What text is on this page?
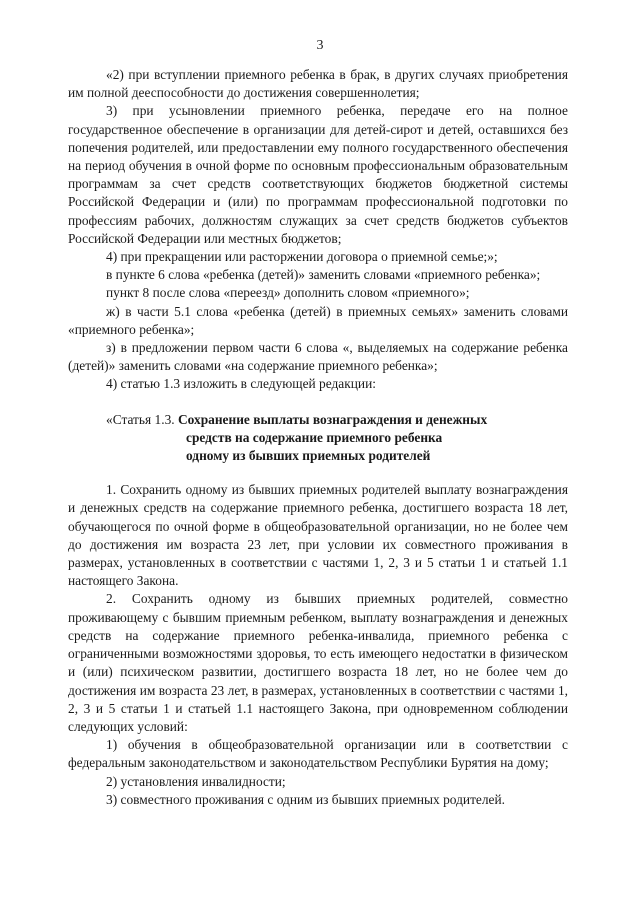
3

«2) при вступлении приемного ребенка в брак, в других случаях приобретения им полной дееспособности до достижения совершеннолетия;

3) при усыновлении приемного ребенка, передаче его на полное государственное обеспечение в организации для детей-сирот и детей, оставшихся без попечения родителей, или предоставлении ему полного государственного обеспечения на период обучения в очной форме по основным профессиональным образовательным программам за счет средств соответствующих бюджетов бюджетной системы Российской Федерации и (или) по программам профессиональной подготовки по профессиям рабочих, должностям служащих за счет средств бюджетов субъектов Российской Федерации или местных бюджетов;

4) при прекращении или расторжении договора о приемной семье;»;

в пункте 6 слова «ребенка (детей)» заменить словами «приемного ребенка»;

пункт 8 после слова «переезд» дополнить словом «приемного»;

ж) в части 5.1 слова «ребенка (детей) в приемных семьях» заменить словами «приемного ребенка»;

з) в предложении первом части 6 слова «, выделяемых на содержание ребенка (детей)» заменить словами «на содержание приемного ребенка»;

4) статью 1.3 изложить в следующей редакции:

«Статья 1.3. Сохранение выплаты вознаграждения и денежных
средств на содержание приемного ребенка
одному из бывших приемных родителей

1. Сохранить одному из бывших приемных родителей выплату вознаграждения и денежных средств на содержание приемного ребенка, достигшего возраста 18 лет, обучающегося по очной форме в общеобразовательной организации, но не более чем до достижения им возраста 23 лет, при условии их совместного проживания в размерах, установленных в соответствии с частями 1, 2, 3 и 5 статьи 1 и статьей 1.1 настоящего Закона.

2. Сохранить одному из бывших приемных родителей, совместно проживающему с бывшим приемным ребенком, выплату вознаграждения и денежных средств на содержание приемного ребенка-инвалида, приемного ребенка с ограниченными возможностями здоровья, то есть имеющего недостатки в физическом и (или) психическом развитии, достигшего возраста 18 лет, но не более чем до достижения им возраста 23 лет, в размерах, установленных в соответствии с частями 1, 2, 3 и 5 статьи 1 и статьей 1.1 настоящего Закона, при одновременном соблюдении следующих условий:

1) обучения в общеобразовательной организации или в соответствии с федеральным законодательством и законодательством Республики Бурятия на дому;

2) установления инвалидности;

3) совместного проживания с одним из бывших приемных родителей.
